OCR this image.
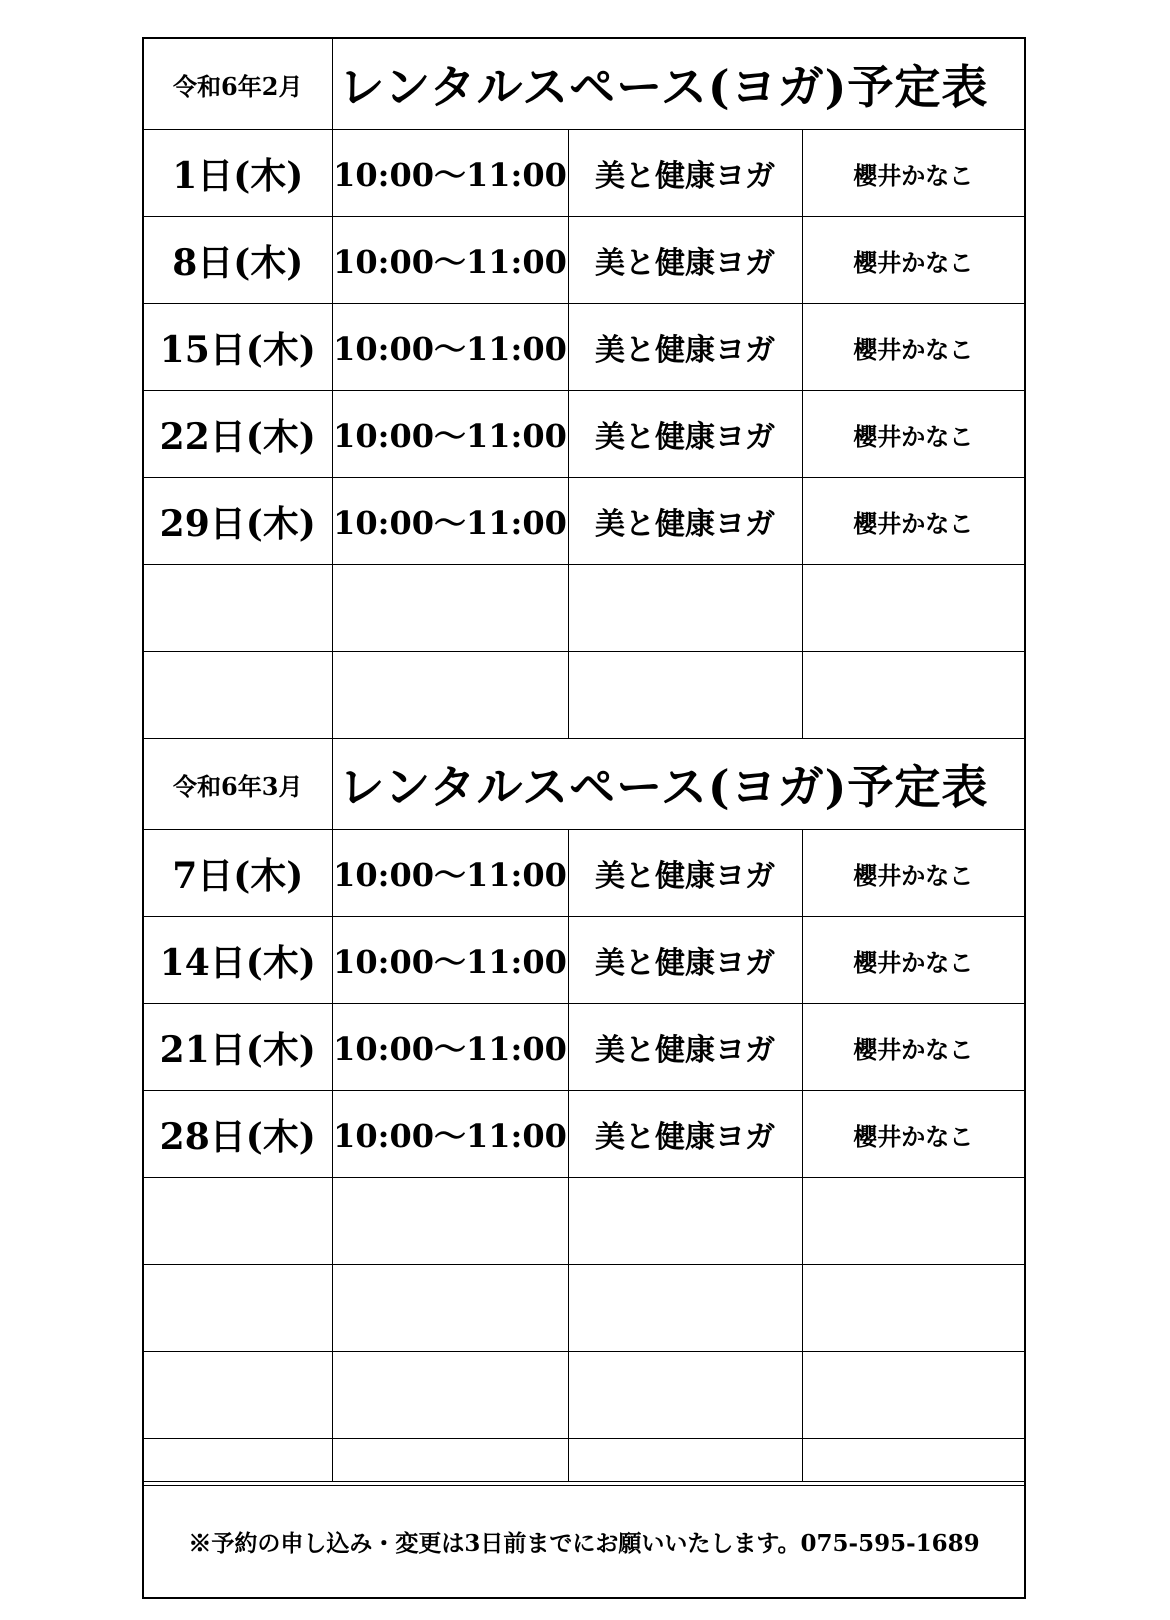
令和6年2月	レンタルスペース(ヨガ)予定表		
1日(木)	10:00〜11:00	美と健康ヨガ	櫻井かなこ
8日(木)	10:00〜11:00	美と健康ヨガ	櫻井かなこ
15日(木)	10:00〜11:00	美と健康ヨガ	櫻井かなこ
22日(木)	10:00〜11:00	美と健康ヨガ	櫻井かなこ
29日(木)	10:00〜11:00	美と健康ヨガ	櫻井かなこ

令和6年3月	レンタルスペース(ヨガ)予定表		
7日(木)	10:00〜11:00	美と健康ヨガ	櫻井かなこ
14日(木)	10:00〜11:00	美と健康ヨガ	櫻井かなこ
21日(木)	10:00〜11:00	美と健康ヨガ	櫻井かなこ
28日(木)	10:00〜11:00	美と健康ヨガ	櫻井かなこ

※予約の申し込み・変更は3日前までにお願いいたします。075-595-1689
